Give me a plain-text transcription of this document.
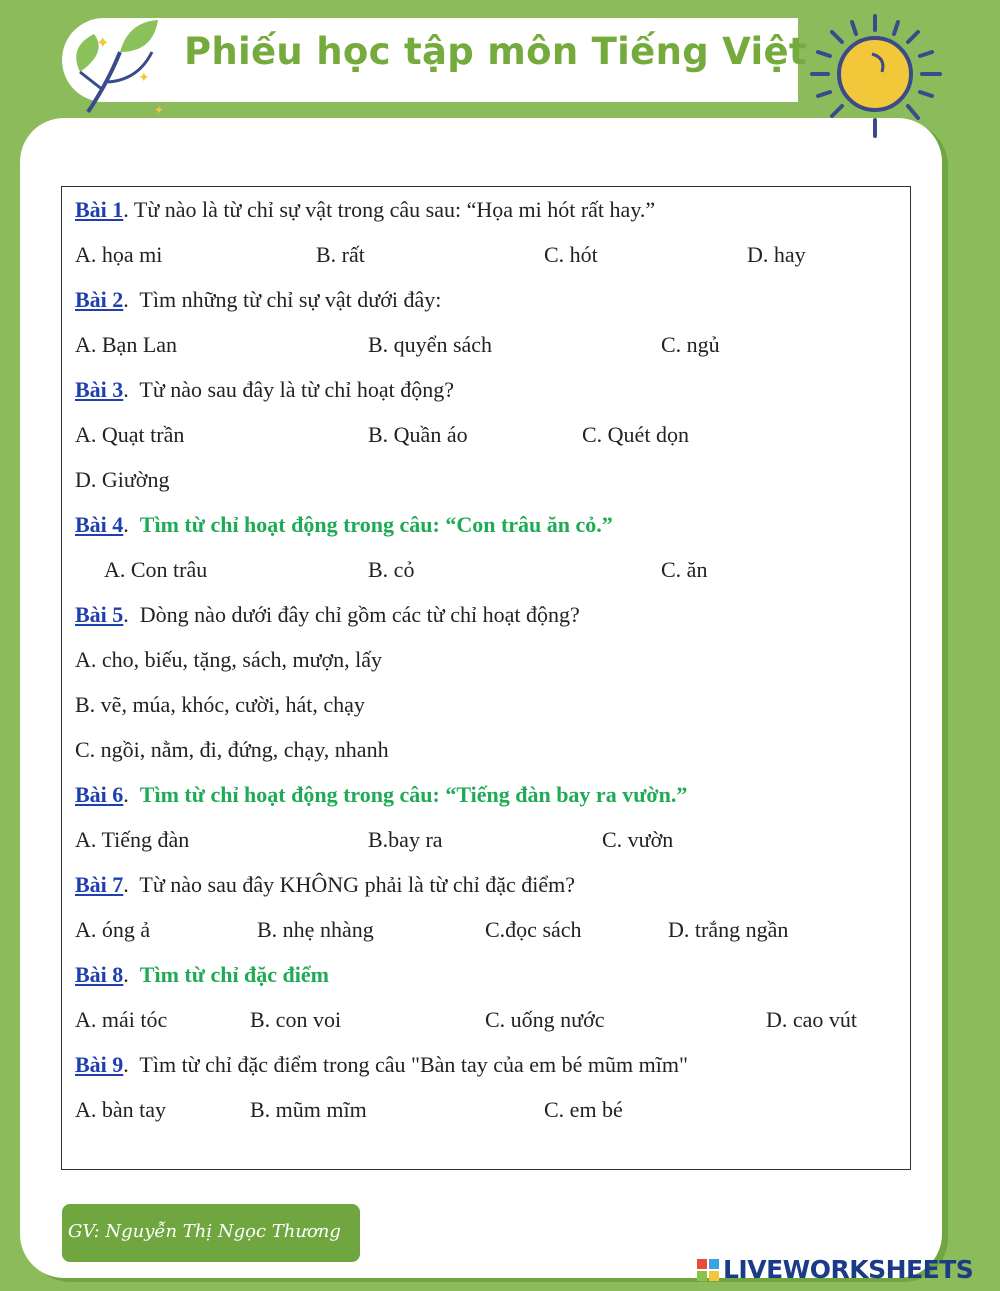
✦
✦
✦
Phiếu học tập môn Tiếng Việt
Bài 1. Từ nào là từ chỉ sự vật trong câu sau: “Họa mi hót rất hay.”
A. họa mi	B. rất	C. hót	D. hay
Bài 2.  Tìm những từ chỉ sự vật dưới đây:
A. Bạn Lan	B. quyển sách	C. ngủ
Bài 3.  Từ nào sau đây là từ chỉ hoạt động?
A. Quạt trần	B. Quần áo	C. Quét dọn
D. Giường
Bài 4.  Tìm từ chỉ hoạt động trong câu: “Con trâu ăn cỏ.”
A. Con trâu	B. cỏ	C. ăn
Bài 5.  Dòng nào dưới đây chỉ gồm các từ chỉ hoạt động?
A. cho, biếu, tặng, sách, mượn, lấy
B. vẽ, múa, khóc, cười, hát, chạy
C. ngồi, nằm, đi, đứng, chạy, nhanh
Bài 6.  Tìm từ chỉ hoạt động trong câu: “Tiếng đàn bay ra vườn.”
A. Tiếng đàn	B.bay ra	C. vườn
Bài 7.  Từ nào sau đây KHÔNG phải là từ chỉ đặc điểm?
A. óng ả	B. nhẹ nhàng	C.đọc sách	D. trắng ngần
Bài 8.  Tìm từ chỉ đặc điểm
A. mái tóc	B. con voi	C. uống nước	D. cao vút
Bài 9.  Tìm từ chỉ đặc điểm trong câu "Bàn tay của em bé mũm mĩm"
A. bàn tay	B. mũm mĩm	C. em bé
GV: Nguyễn Thị Ngọc Thương
LIVEWORKSHEETS
